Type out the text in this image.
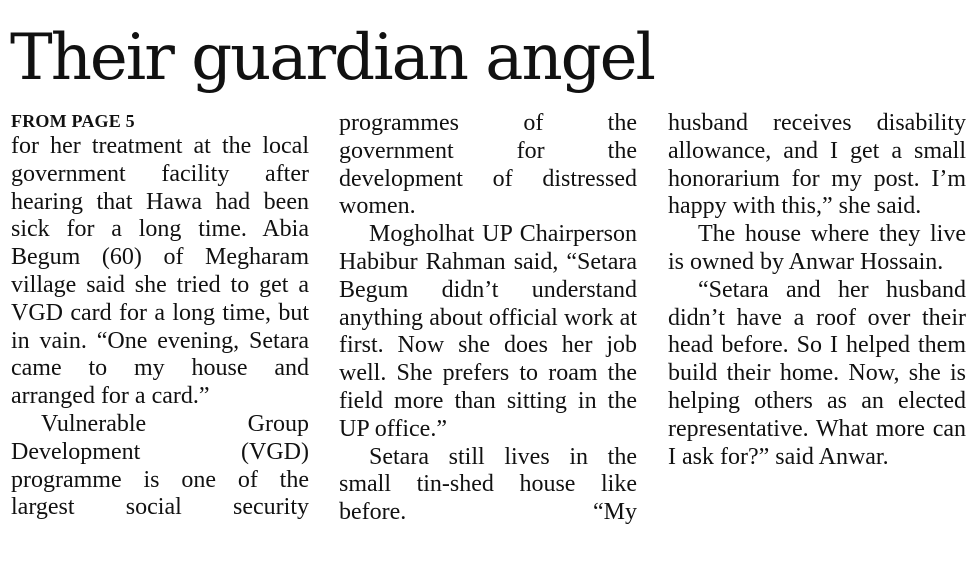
Their guardian angel
FROM PAGE 5

for her treatment at the local government facility after hearing that Hawa had been sick for a long time. Abia Begum (60) of Megharam village said she tried to get a VGD card for a long time, but in vain. “One evening, Setara came to my house and arranged for a card.”

Vulnerable Group Development (VGD) programme is one of the largest social security

programmes of the government for the development of distressed women.

Mogholhat UP Chairperson Habibur Rahman said, “Setara Begum didn’t understand anything about official work at first. Now she does her job well. She prefers to roam the field more than sitting in the UP office.”

Setara still lives in the small tin-shed house like before. “My

husband receives disability allowance, and I get a small honorarium for my post. I’m happy with this,” she said.

The house where they live is owned by Anwar Hossain.

“Setara and her husband didn’t have a roof over their head before. So I helped them build their home. Now, she is helping others as an elected representative. What more can I ask for?” said Anwar.
